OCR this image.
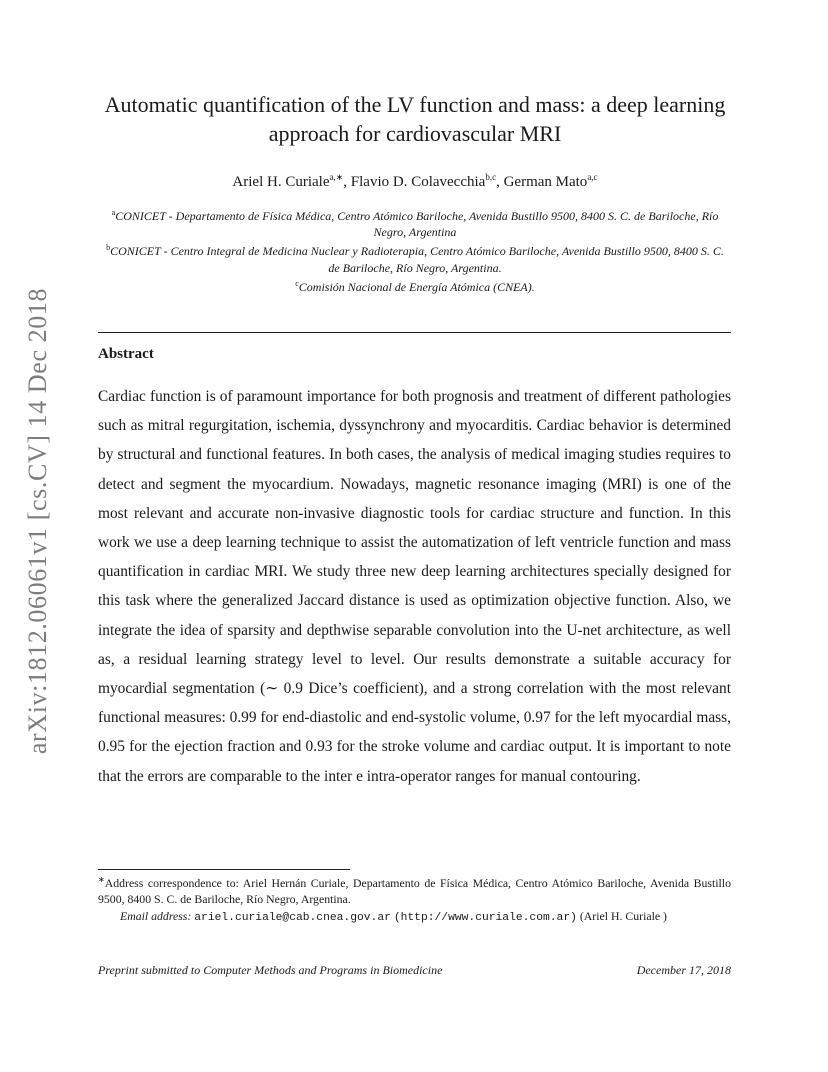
arXiv:1812.06061v1 [cs.CV] 14 Dec 2018
Automatic quantification of the LV function and mass: a deep learning approach for cardiovascular MRI
Ariel H. Curiale$^{a,∗}$, Flavio D. Colavecchia$^{b,c}$, German Mato$^{a,c}$

$^a$CONICET - Departamento de Física Médica, Centro Atómico Bariloche, Avenida Bustillo 9500, 8400 S. C. de Bariloche, Río Negro, Argentina

$^b$CONICET - Centro Integral de Medicina Nuclear y Radioterapia, Centro Atómico Bariloche, Avenida Bustillo 9500, 8400 S. C. de Bariloche, Río Negro, Argentina.

$^c$Comisión Nacional de Energía Atómica (CNEA).

Abstract

Cardiac function is of paramount importance for both prognosis and treatment of different pathologies such as mitral regurgitation, ischemia, dyssynchrony and myocarditis. Cardiac behavior is determined by structural and functional features. In both cases, the analysis of medical imaging studies requires to detect and segment the myocardium. Nowadays, magnetic resonance imaging (MRI) is one of the most relevant and accurate non-invasive diagnostic tools for cardiac structure and function. In this work we use a deep learning technique to assist the automatization of left ventricle function and mass quantification in cardiac MRI. We study three new deep learning architectures specially designed for this task where the generalized Jaccard distance is used as optimization objective function. Also, we integrate the idea of sparsity and depthwise separable convolution into the U-net architecture, as well as, a residual learning strategy level to level. Our results demonstrate a suitable accuracy for myocardial segmentation (∼ 0.9 Dice’s coefficient), and a strong correlation with the most relevant functional measures: 0.99 for end-diastolic and end-systolic volume, 0.97 for the left myocardial mass, 0.95 for the ejection fraction and 0.93 for the stroke volume and cardiac output. It is important to note that the errors are comparable to the inter e intra-operator ranges for manual contouring.

∗Address correspondence to: Ariel Hernán Curiale, Departamento de Física Médica, Centro Atómico Bariloche, Avenida Bustillo 9500, 8400 S. C. de Bariloche, Río Negro, Argentina.
Email address: ariel.curiale@cab.cnea.gov.ar (http://www.curiale.com.ar) (Ariel H. Curiale )
Preprint submitted to Computer Methods and Programs in Biomedicine	December 17, 2018
